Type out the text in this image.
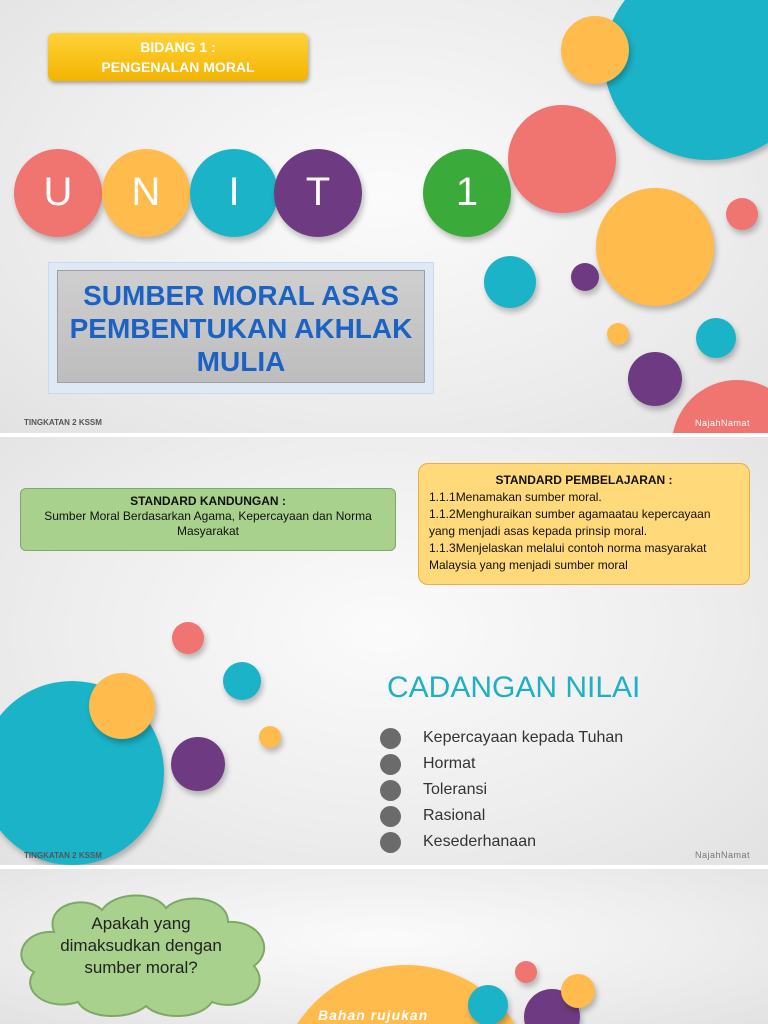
BIDANG 1 :
PENGENALAN MORAL
U	N	I	T	1
SUMBER MORAL ASAS
PEMBENTUKAN AKHLAK
MULIA
TINGKATAN 2 KSSM	NajahNamat
STANDARD KANDUNGAN :
Sumber Moral Berdasarkan Agama, Kepercayaan dan Norma Masyarakat
STANDARD PEMBELAJARAN :
1.1.1Menamakan sumber moral.
1.1.2Menghuraikan sumber agamaatau kepercayaan yang menjadi asas kepada prinsip moral.
1.1.3Menjelaskan melalui contoh norma masyarakat Malaysia yang menjadi sumber moral
CADANGAN NILAI
Kepercayaan kepada Tuhan
Hormat
Toleransi
Rasional
Kesederhanaan
TINGKATAN 2 KSSM	NajahNamat
Apakah yang dimaksudkan dengan sumber moral?
Bahan rujukan
